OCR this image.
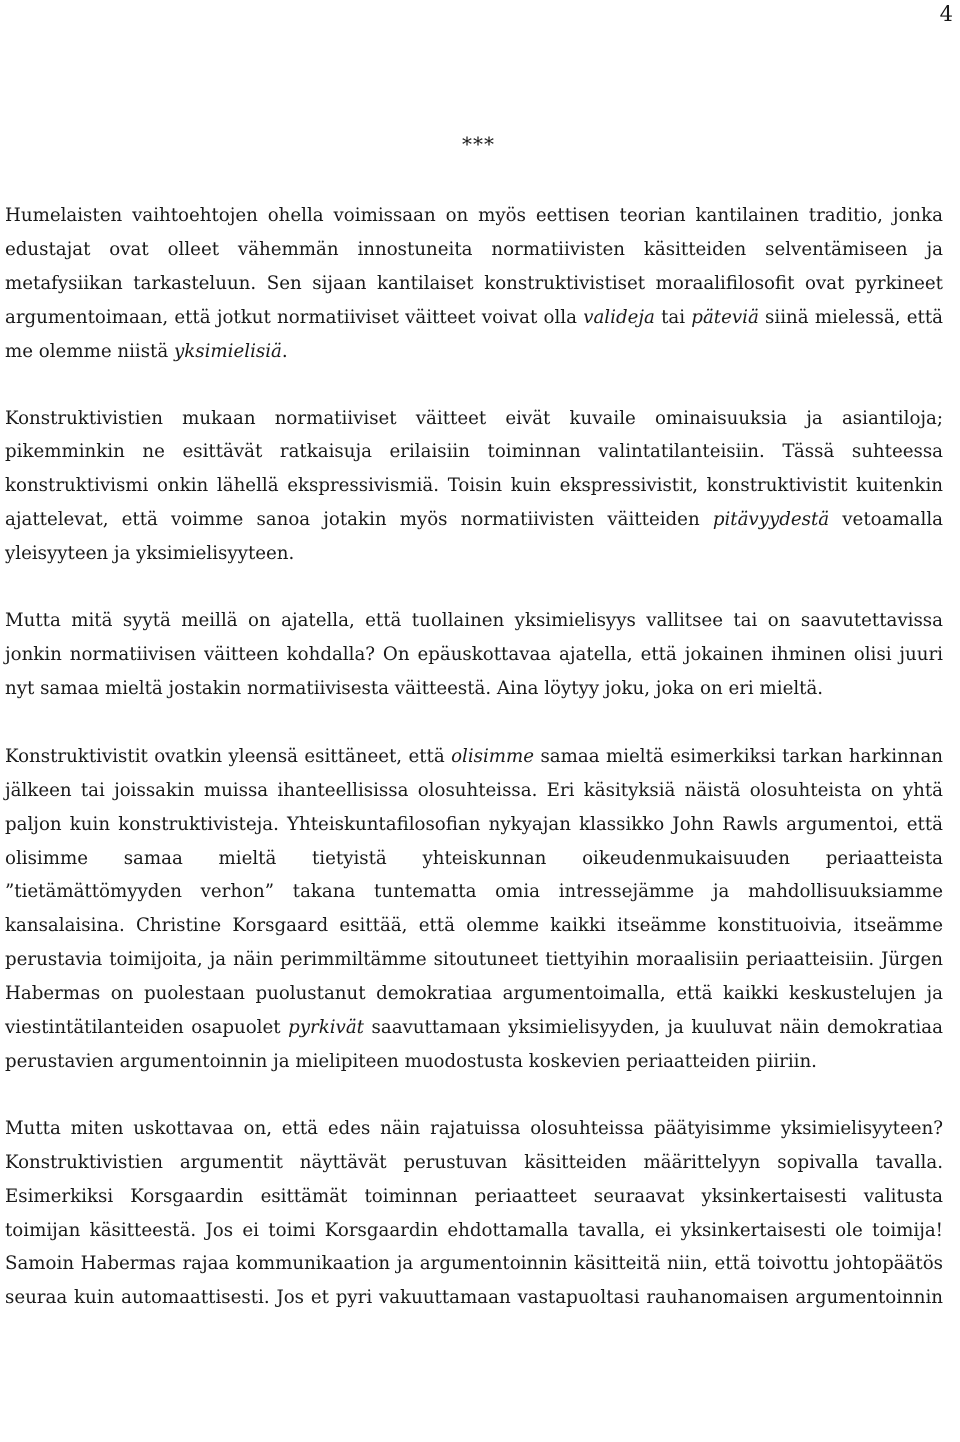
4
***

Humelaisten vaihtoehtojen ohella voimissaan on myös eettisen teorian kantilainen traditio, jonka edustajat ovat olleet vähemmän innostuneita normatiivisten käsitteiden selventämiseen ja metafysiikan tarkasteluun. Sen sijaan kantilaiset konstruktivistiset moraalifilosofit ovat pyrkineet argumentoimaan, että jotkut normatiiviset väitteet voivat olla valideja tai päteviä siinä mielessä, että me olemme niistä yksimielisiä.

Konstruktivistien mukaan normatiiviset väitteet eivät kuvaile ominaisuuksia ja asiantiloja; pikemminkin ne esittävät ratkaisuja erilaisiin toiminnan valintatilanteisiin. Tässä suhteessa konstruktivismi onkin lähellä ekspressivismiä. Toisin kuin ekspressivistit, konstruktivistit kuitenkin ajattelevat, että voimme sanoa jotakin myös normatiivisten väitteiden pitävyydestä vetoamalla yleisyyteen ja yksimielisyyteen.

Mutta mitä syytä meillä on ajatella, että tuollainen yksimielisyys vallitsee tai on saavutettavissa jonkin normatiivisen väitteen kohdalla? On epäuskottavaa ajatella, että jokainen ihminen olisi juuri nyt samaa mieltä jostakin normatiivisesta väitteestä. Aina löytyy joku, joka on eri mieltä.

Konstruktivistit ovatkin yleensä esittäneet, että olisimme samaa mieltä esimerkiksi tarkan harkinnan jälkeen tai joissakin muissa ihanteellisissa olosuhteissa. Eri käsityksiä näistä olosuhteista on yhtä paljon kuin konstruktivisteja. Yhteiskuntafilosofian nykyajan klassikko John Rawls argumentoi, että olisimme samaa mieltä tietyistä yhteiskunnan oikeudenmukaisuuden periaatteista ”tietämättömyyden verhon” takana tuntematta omia intressejämme ja mahdollisuuksiamme kansalaisina. Christine Korsgaard esittää, että olemme kaikki itseämme konstituoivia, itseämme perustavia toimijoita, ja näin perimmiltämme sitoutuneet tiettyihin moraalisiin periaatteisiin. Jürgen Habermas on puolestaan puolustanut demokratiaa argumentoimalla, että kaikki keskustelujen ja viestintätilanteiden osapuolet pyrkivät saavuttamaan yksimielisyyden, ja kuuluvat näin demokratiaa perustavien argumentoinnin ja mielipiteen muodostusta koskevien periaatteiden piiriin.

Mutta miten uskottavaa on, että edes näin rajatuissa olosuhteissa päätyisimme yksimielisyyteen? Konstruktivistien argumentit näyttävät perustuvan käsitteiden määrittelyyn sopivalla tavalla. Esimerkiksi Korsgaardin esittämät toiminnan periaatteet seuraavat yksinkertaisesti valitusta toimijan käsitteestä. Jos ei toimi Korsgaardin ehdottamalla tavalla, ei yksinkertaisesti ole toimija! Samoin Habermas rajaa kommunikaation ja argumentoinnin käsitteitä niin, että toivottu johtopäätös seuraa kuin automaattisesti. Jos et pyri vakuuttamaan vastapuoltasi rauhanomaisen argumentoinnin
